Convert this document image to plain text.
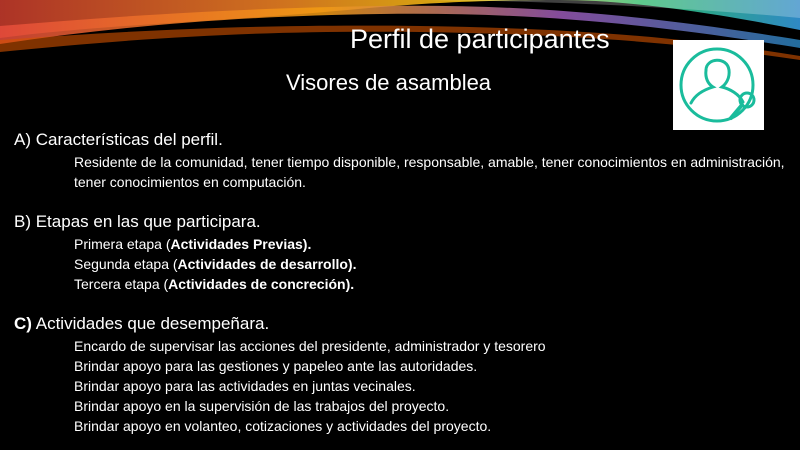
Perfil de participantes
Visores de asamblea
A) Características del perfil.
Residente de la comunidad, tener tiempo disponible, responsable, amable, tener conocimientos en administración, tener conocimientos en computación.
B) Etapas en las que participara.
Primera etapa (Actividades Previas).
Segunda etapa (Actividades de desarrollo).
Tercera etapa (Actividades de concreción).
C) Actividades que desempeñara.
Encardo de supervisar las acciones del presidente, administrador y tesorero
Brindar apoyo para las gestiones y papeleo ante las autoridades.
Brindar apoyo para las actividades en juntas vecinales.
Brindar apoyo en la supervisión de las trabajos del proyecto.
Brindar apoyo en volanteo, cotizaciones y actividades del proyecto.
